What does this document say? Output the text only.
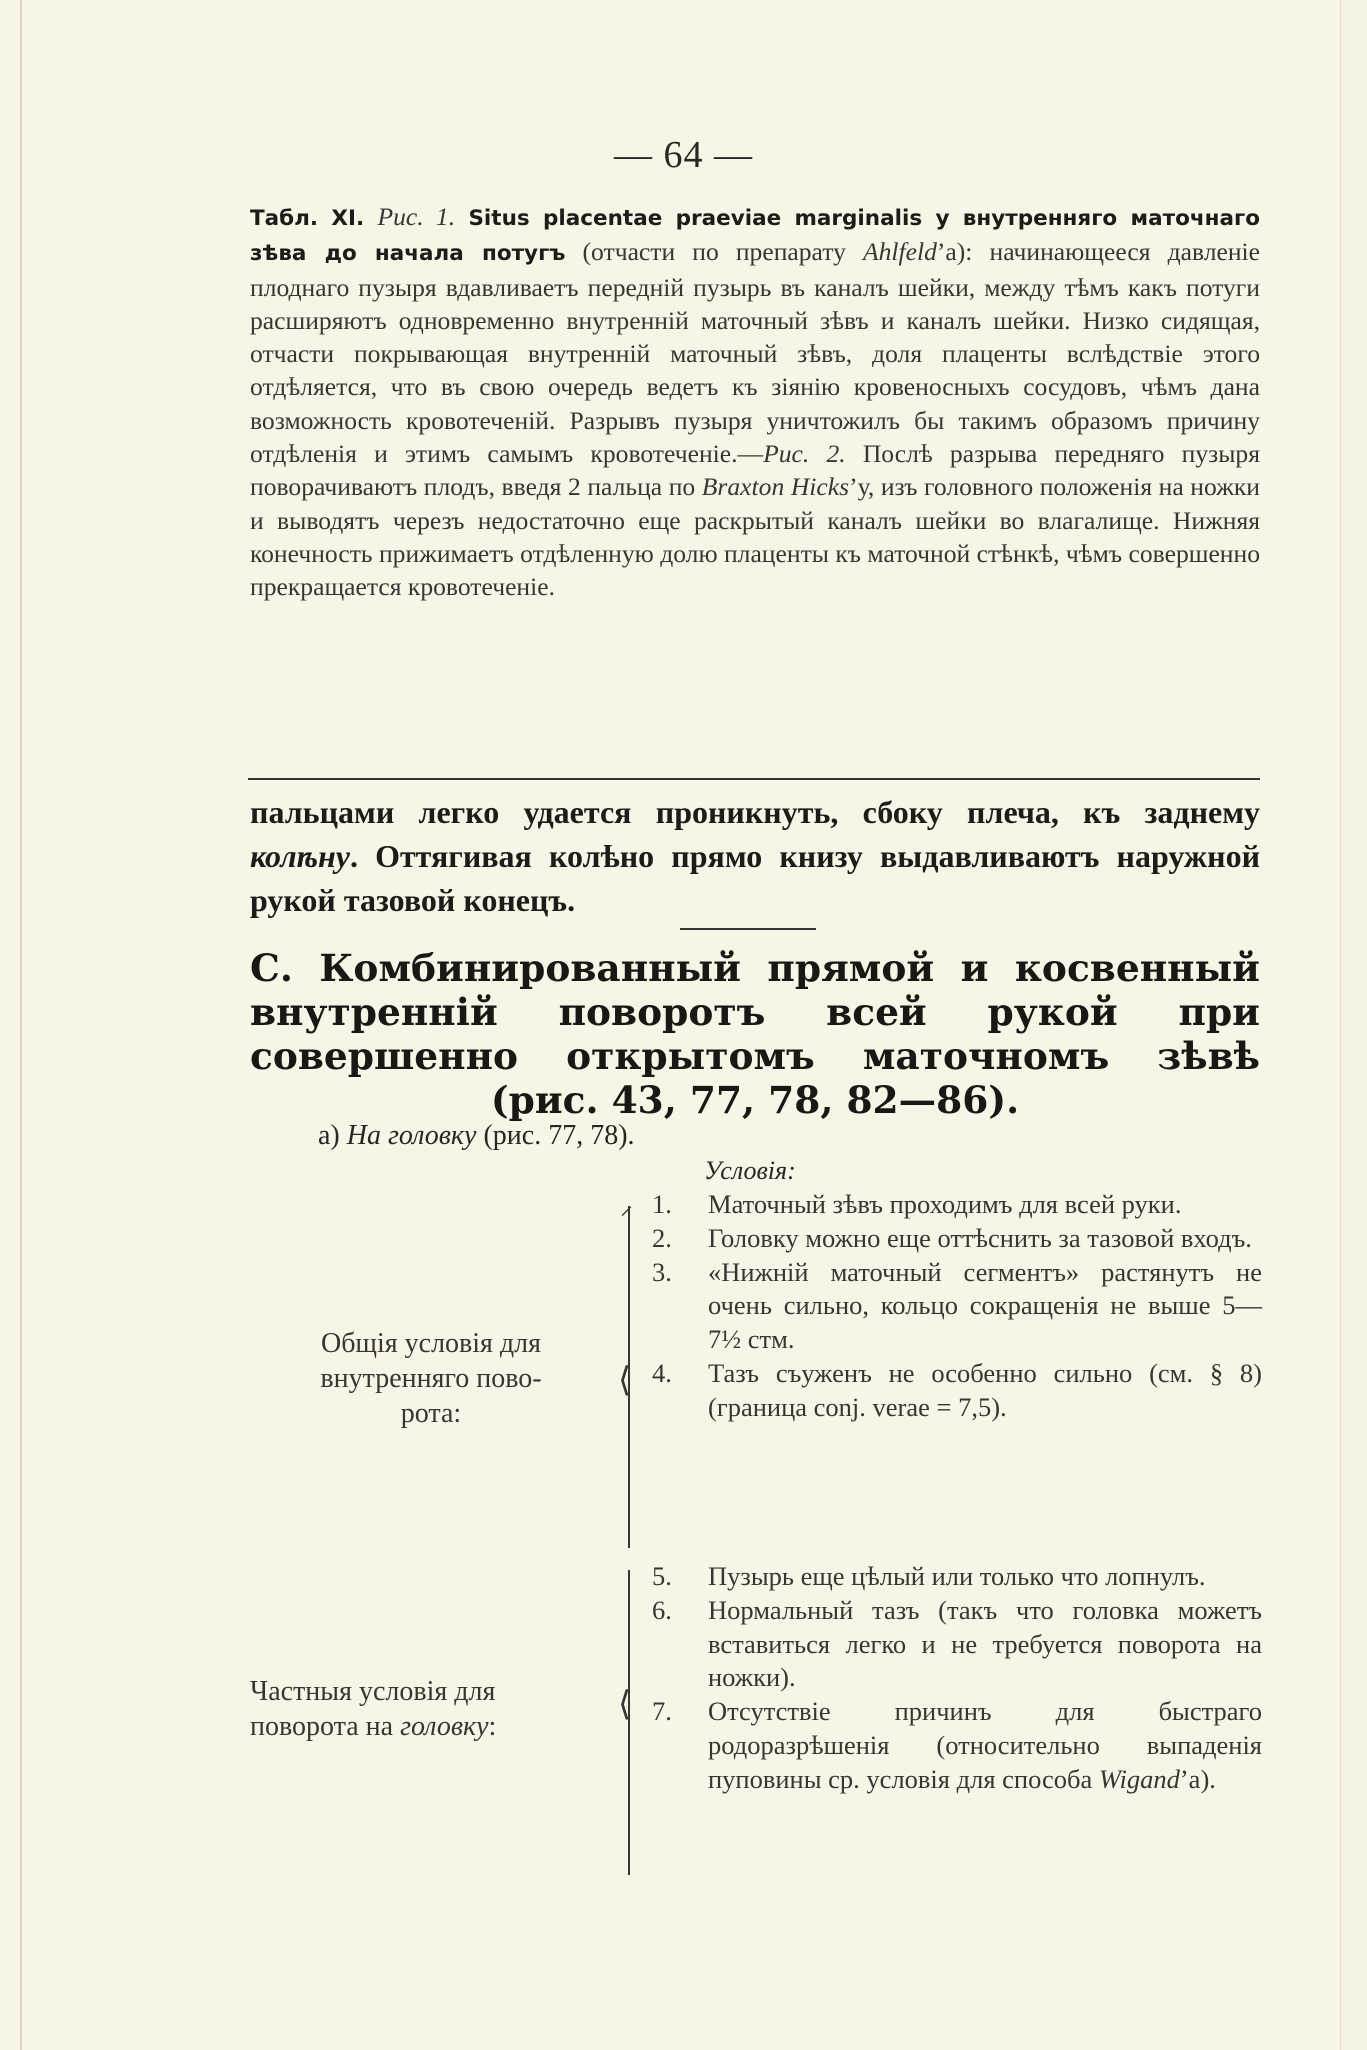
— 64 —
Табл. XI. Рис. 1. Situs placentae praeviae marginalis у внутренняго маточнаго зѣва до начала потугъ (отчасти по препарату Ahlfeld’а): начинающееся давленіе плоднаго пузыря вдавливаетъ передній пузырь въ каналъ шейки, между тѣмъ какъ потуги расширяютъ одновременно внутренній маточный зѣвъ и каналъ шейки. Низко сидящая, отчасти покрывающая внутренній маточный зѣвъ, доля плаценты вслѣдствіе этого отдѣляется, что въ свою очередь ведетъ къ зіянію кровеносныхъ сосудовъ, чѣмъ дана возможность кровотеченій. Разрывъ пузыря уничтожилъ бы такимъ образомъ причину отдѣленія и этимъ самымъ кровотеченіе.—Рис. 2. Послѣ разрыва передняго пузыря поворачиваютъ плодъ, введя 2 пальца по Braxton Hicks’у, изъ головного положенія на ножки и выводятъ черезъ недостаточно еще раскрытый каналъ шейки во влагалище. Нижняя конечность прижимаетъ отдѣленную долю плаценты къ маточной стѣнкѣ, чѣмъ совершенно прекращается кровотеченіе.
пальцами легко удается проникнуть, сбоку плеча, къ заднему колѣну. Оттягивая колѣно прямо книзу выдавливаютъ наружной рукой тазовой конецъ.
С. Комбинированный прямой и косвенный внутренній поворотъ всей рукой при совершенно открытомъ маточномъ зѣвѣ (рис. 43, 77, 78, 82—86).
a) На головку (рис. 77, 78).
Условія:
Общія условія для
внутренняго пово-
рота:
⸝
⟨
Частныя условія для
поворота на головку:
⟨
1.	Маточный зѣвъ проходимъ для всей руки.
2.	Головку можно еще оттѣснить за тазовой входъ.
3.	«Нижній маточный сегментъ» растянутъ не очень сильно, кольцо сокращенія не выше 5—7½ стм.
4.	Тазъ съуженъ не особенно сильно (см. § 8) (граница conj. verae = 7,5).
5.	Пузырь еще цѣлый или только что лопнулъ.
6.	Нормальный тазъ (такъ что головка можетъ вставиться легко и не требуется поворота на ножки).
7.	Отсутствіе причинъ для быстраго родоразрѣшенія (относительно выпаденія пуповины ср. условія для способа Wigand’а).
